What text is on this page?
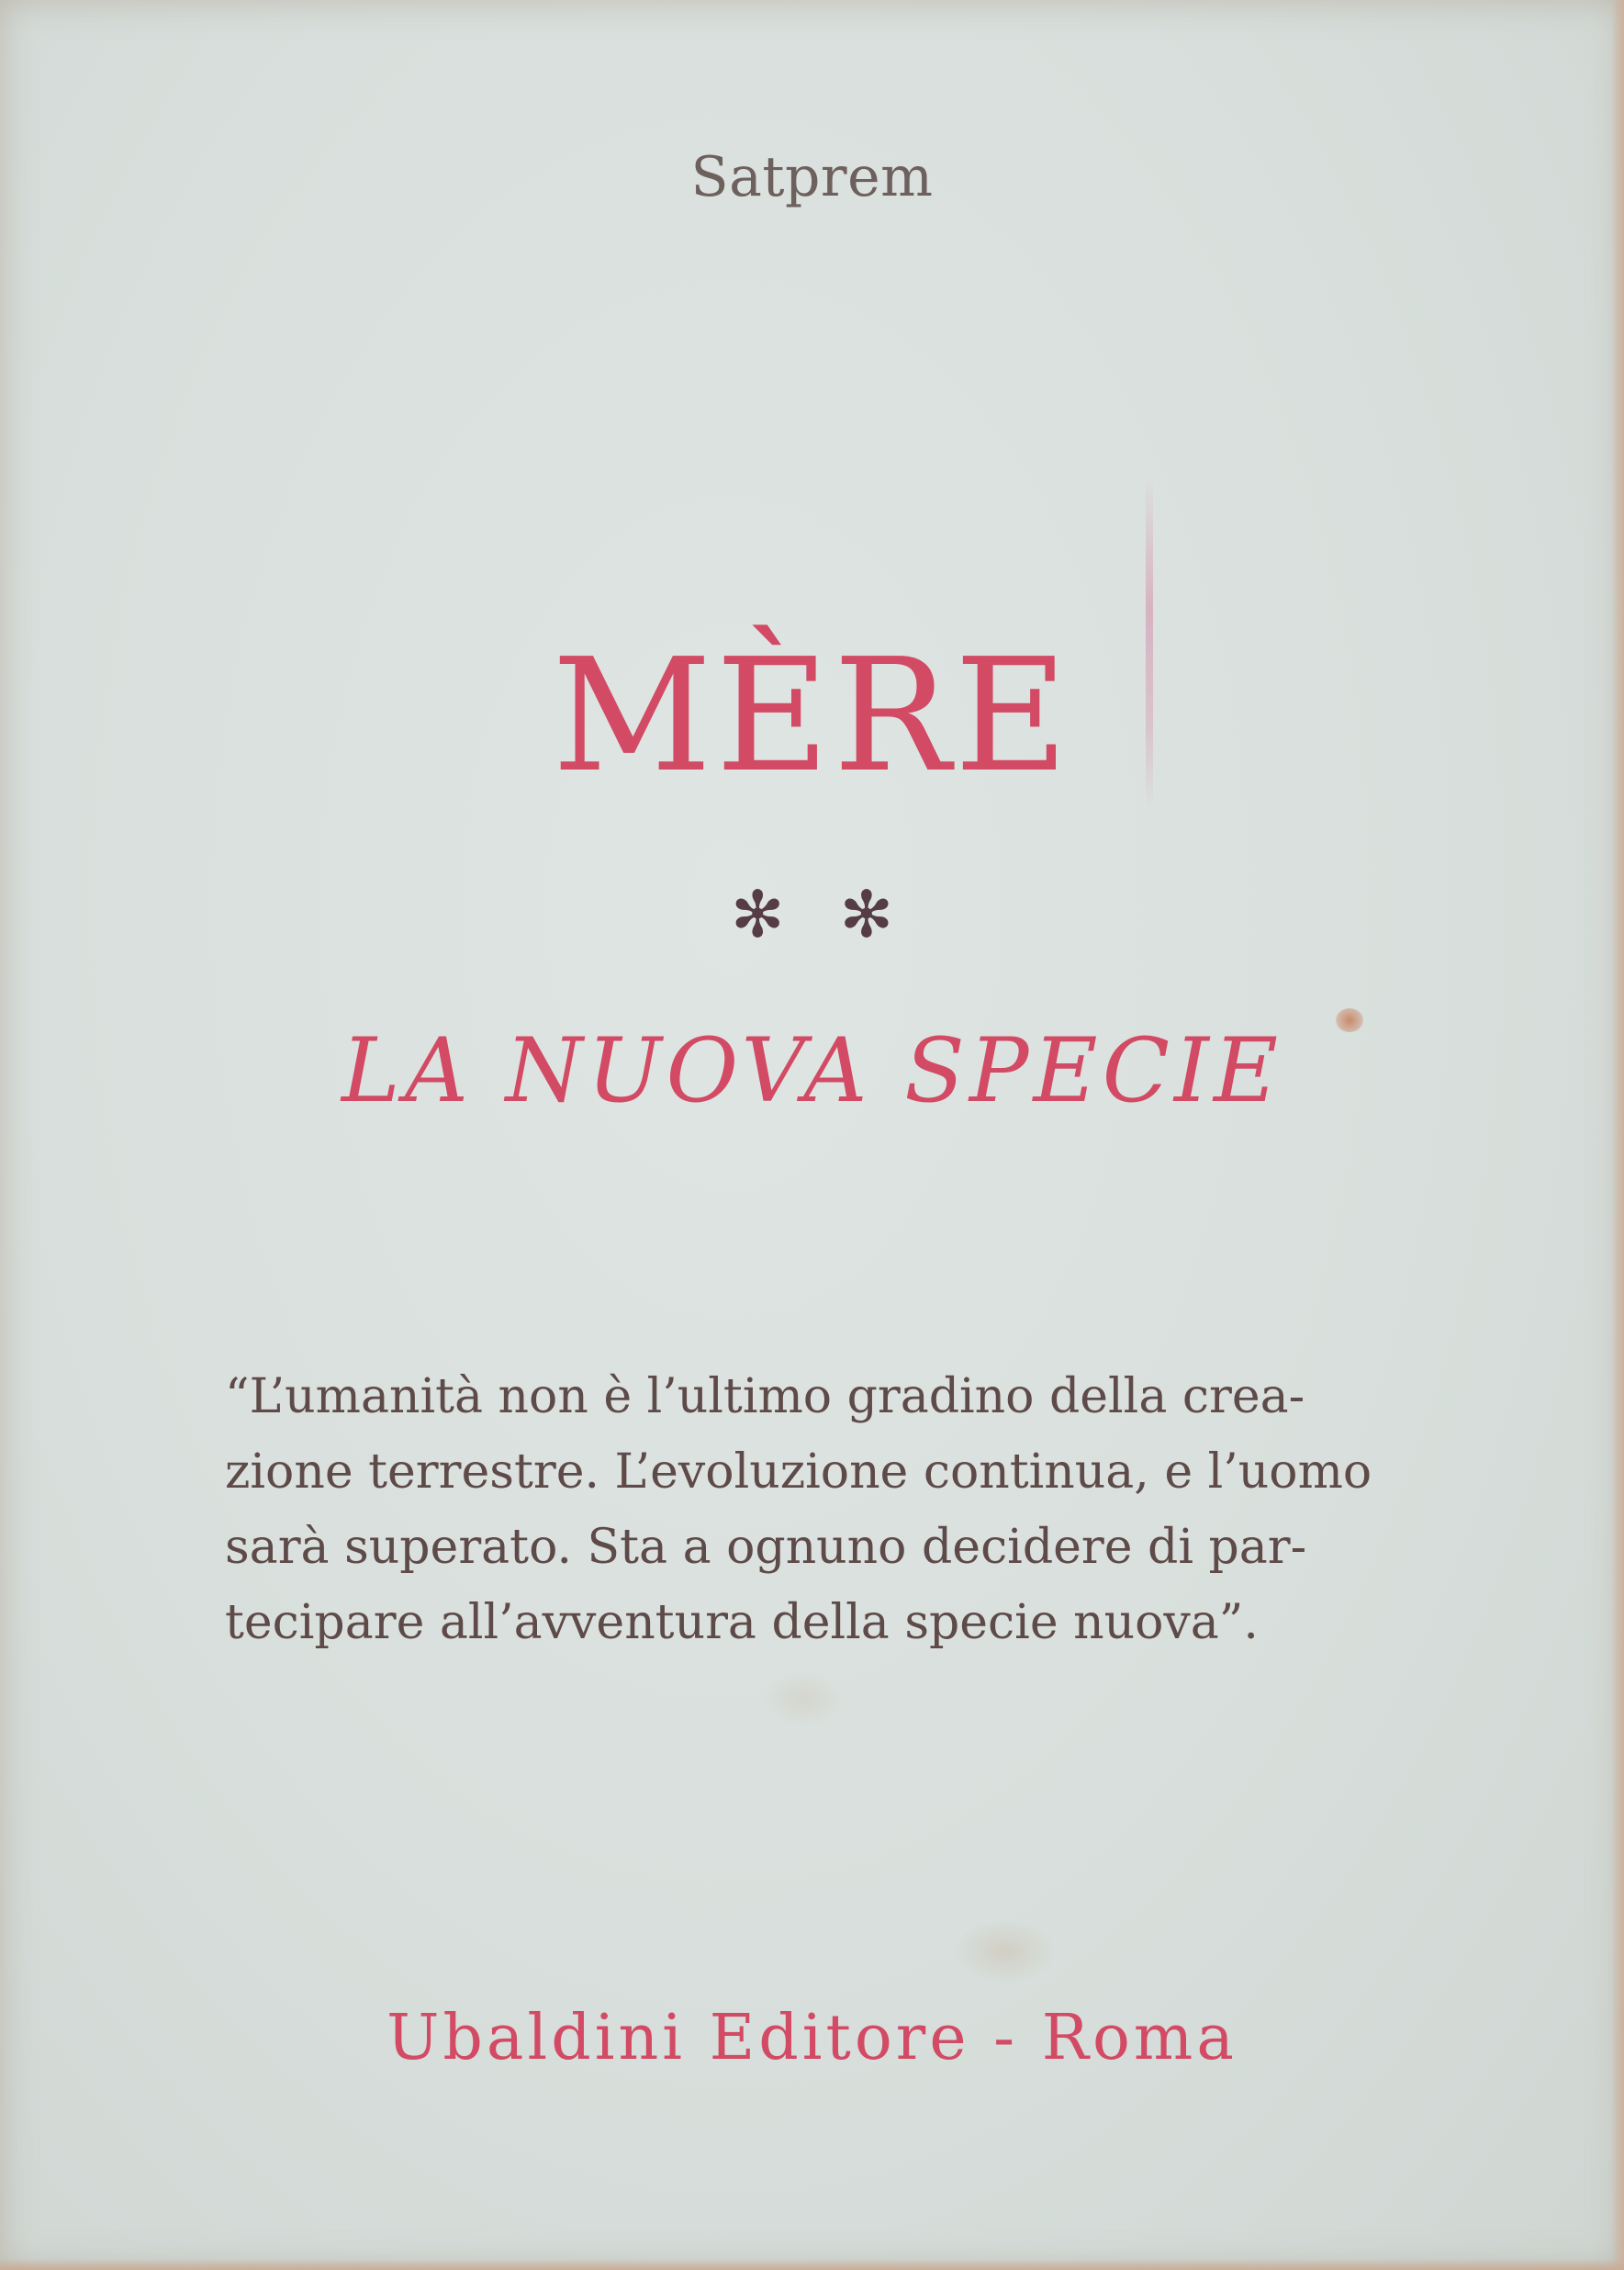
Satprem
MÈRE
✻✻
LA NUOVA SPECIE
“L’umanità non è l’ultimo gradino della crea-
zione terrestre. L’evoluzione continua, e l’uomo
sarà superato. Sta a ognuno decidere di par-
tecipare all’avventura della specie nuova”.
Ubaldini Editore - Roma
